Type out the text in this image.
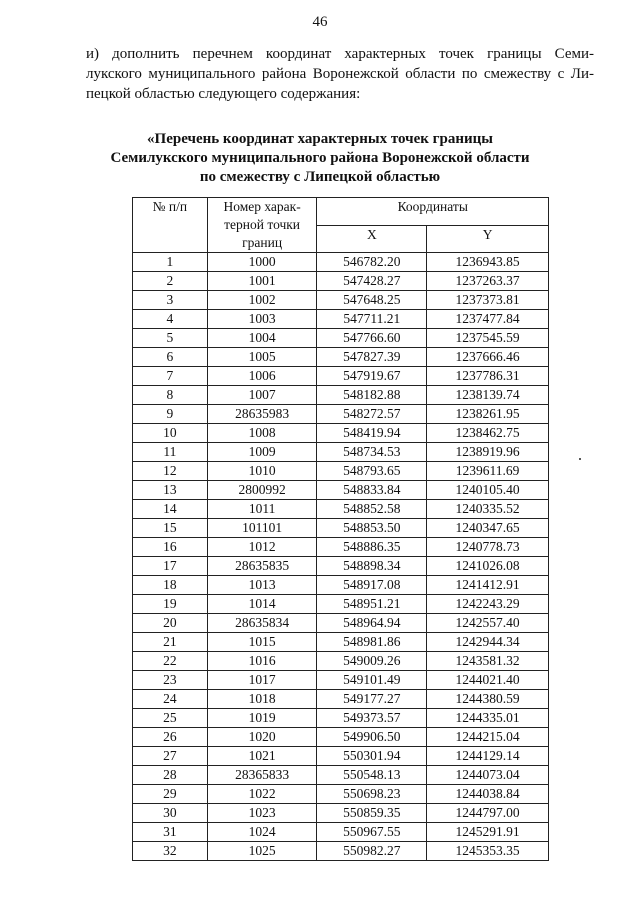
46
и) дополнить перечнем координат характерных точек границы Семи-
лукского муниципального района Воронежской области по смежеству с Ли-
пецкой областью следующего содержания:
«Перечень координат характерных точек границы
Семилукского муниципального района Воронежской области
по смежеству с Липецкой областью
№ п/п	Номер харак-
терной точки
границ	Координаты	
		X	Y
1	1000	546782.20	1236943.85
2	1001	547428.27	1237263.37
3	1002	547648.25	1237373.81
4	1003	547711.21	1237477.84
5	1004	547766.60	1237545.59
6	1005	547827.39	1237666.46
7	1006	547919.67	1237786.31
8	1007	548182.88	1238139.74
9	28635983	548272.57	1238261.95
10	1008	548419.94	1238462.75
11	1009	548734.53	1238919.96
12	1010	548793.65	1239611.69
13	2800992	548833.84	1240105.40
14	1011	548852.58	1240335.52
15	101101	548853.50	1240347.65
16	1012	548886.35	1240778.73
17	28635835	548898.34	1241026.08
18	1013	548917.08	1241412.91
19	1014	548951.21	1242243.29
20	28635834	548964.94	1242557.40
21	1015	548981.86	1242944.34
22	1016	549009.26	1243581.32
23	1017	549101.49	1244021.40
24	1018	549177.27	1244380.59
25	1019	549373.57	1244335.01
26	1020	549906.50	1244215.04
27	1021	550301.94	1244129.14
28	28365833	550548.13	1244073.04
29	1022	550698.23	1244038.84
30	1023	550859.35	1244797.00
31	1024	550967.55	1245291.91
32	1025	550982.27	1245353.35
